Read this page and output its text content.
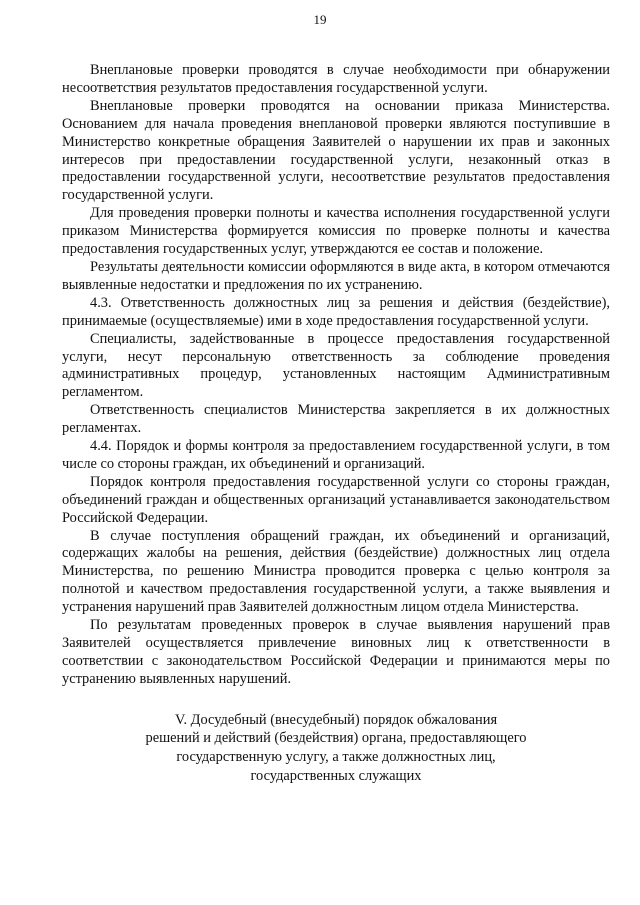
19

Внеплановые проверки проводятся в случае необходимости при обнаружении несоответствия результатов предоставления государственной услуги.

Внеплановые проверки проводятся на основании приказа Министерства. Основанием для начала проведения внеплановой проверки являются поступившие в Министерство конкретные обращения Заявителей о нарушении их прав и законных интересов при предоставлении государственной услуги, незаконный отказ в предоставлении государственной услуги, несоответствие результатов предоставления государственной услуги.

Для проведения проверки полноты и качества исполнения государственной услуги приказом Министерства формируется комиссия по проверке полноты и качества предоставления государственных услуг, утверждаются ее состав и положение.

Результаты деятельности комиссии оформляются в виде акта, в котором отмечаются выявленные недостатки и предложения по их устранению.

4.3. Ответственность должностных лиц за решения и действия (бездействие), принимаемые (осуществляемые) ими в ходе предоставления государственной услуги.

Специалисты, задействованные в процессе предоставления государственной услуги, несут персональную ответственность за соблюдение проведения административных процедур, установленных настоящим Административным регламентом.

Ответственность специалистов Министерства закрепляется в их должностных регламентах.

4.4. Порядок и формы контроля за предоставлением государственной услуги, в том числе со стороны граждан, их объединений и организаций.

Порядок контроля предоставления государственной услуги со стороны граждан, объединений граждан и общественных организаций устанавливается законодательством Российской Федерации.

В случае поступления обращений граждан, их объединений и организаций, содержащих жалобы на решения, действия (бездействие) должностных лиц отдела Министерства, по решению Министра проводится проверка с целью контроля за полнотой и качеством предоставления государственной услуги, а также выявления и устранения нарушений прав Заявителей должностным лицом отдела Министерства.

По результатам проведенных проверок в случае выявления нарушений прав Заявителей осуществляется привлечение виновных лиц к ответственности в соответствии с законодательством Российской Федерации и принимаются меры по устранению выявленных нарушений.

V. Досудебный (внесудебный) порядок обжалования
решений и действий (бездействия) органа, предоставляющего
государственную услугу, а также должностных лиц,
государственных служащих
